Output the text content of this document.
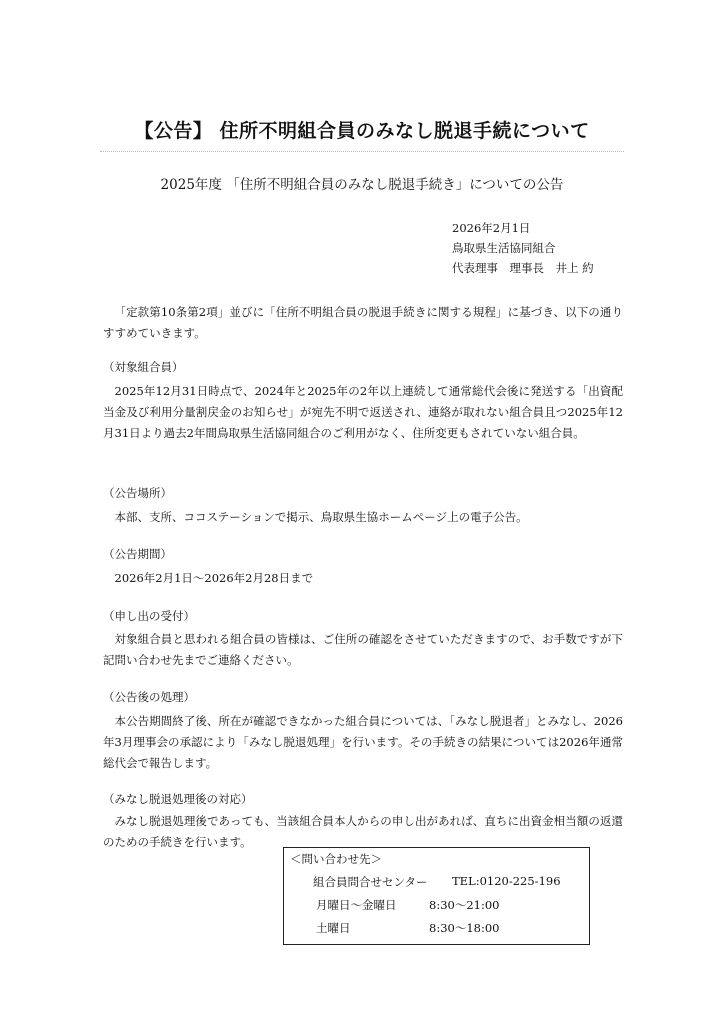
【公告】 住所不明組合員のみなし脱退手続について

2025年度 「住所不明組合員のみなし脱退手続き」についての公告

2026年2月1日
鳥取県生活協同組合
代表理事　理事長　井上 約

「定款第10条第2項」並びに「住所不明組合員の脱退手続きに関する規程」に基づき、以下の通りすすめていきます。

（対象組合員）

2025年12月31日時点で、2024年と2025年の2年以上連続して通常総代会後に発送する「出資配当金及び利用分量割戻金のお知らせ」が宛先不明で返送され、連絡が取れない組合員且つ2025年12月31日より過去2年間鳥取県生活協同組合のご利用がなく、住所変更もされていない組合員。

（公告場所）

本部、支所、ココステーションで掲示、鳥取県生協ホームページ上の電子公告。

（公告期間）

2026年2月1日～2026年2月28日まで

（申し出の受付）

対象組合員と思われる組合員の皆様は、ご住所の確認をさせていただきますので、お手数ですが下記問い合わせ先までご連絡ください。

（公告後の処理）

本公告期間終了後、所在が確認できなかった組合員については、「みなし脱退者」とみなし、2026年3月理事会の承認により「みなし脱退処理」を行います。その手続きの結果については2026年通常総代会で報告します。

（みなし脱退処理後の対応）

みなし脱退処理後であっても、当該組合員本人からの申し出があれば、直ちに出資金相当額の返還のための手続きを行います。

＜問い合わせ先＞
組合員問合せセンター TEL:0120-225-196
月曜日～金曜日	8:30～21:00
土曜日	8:30～18:00
